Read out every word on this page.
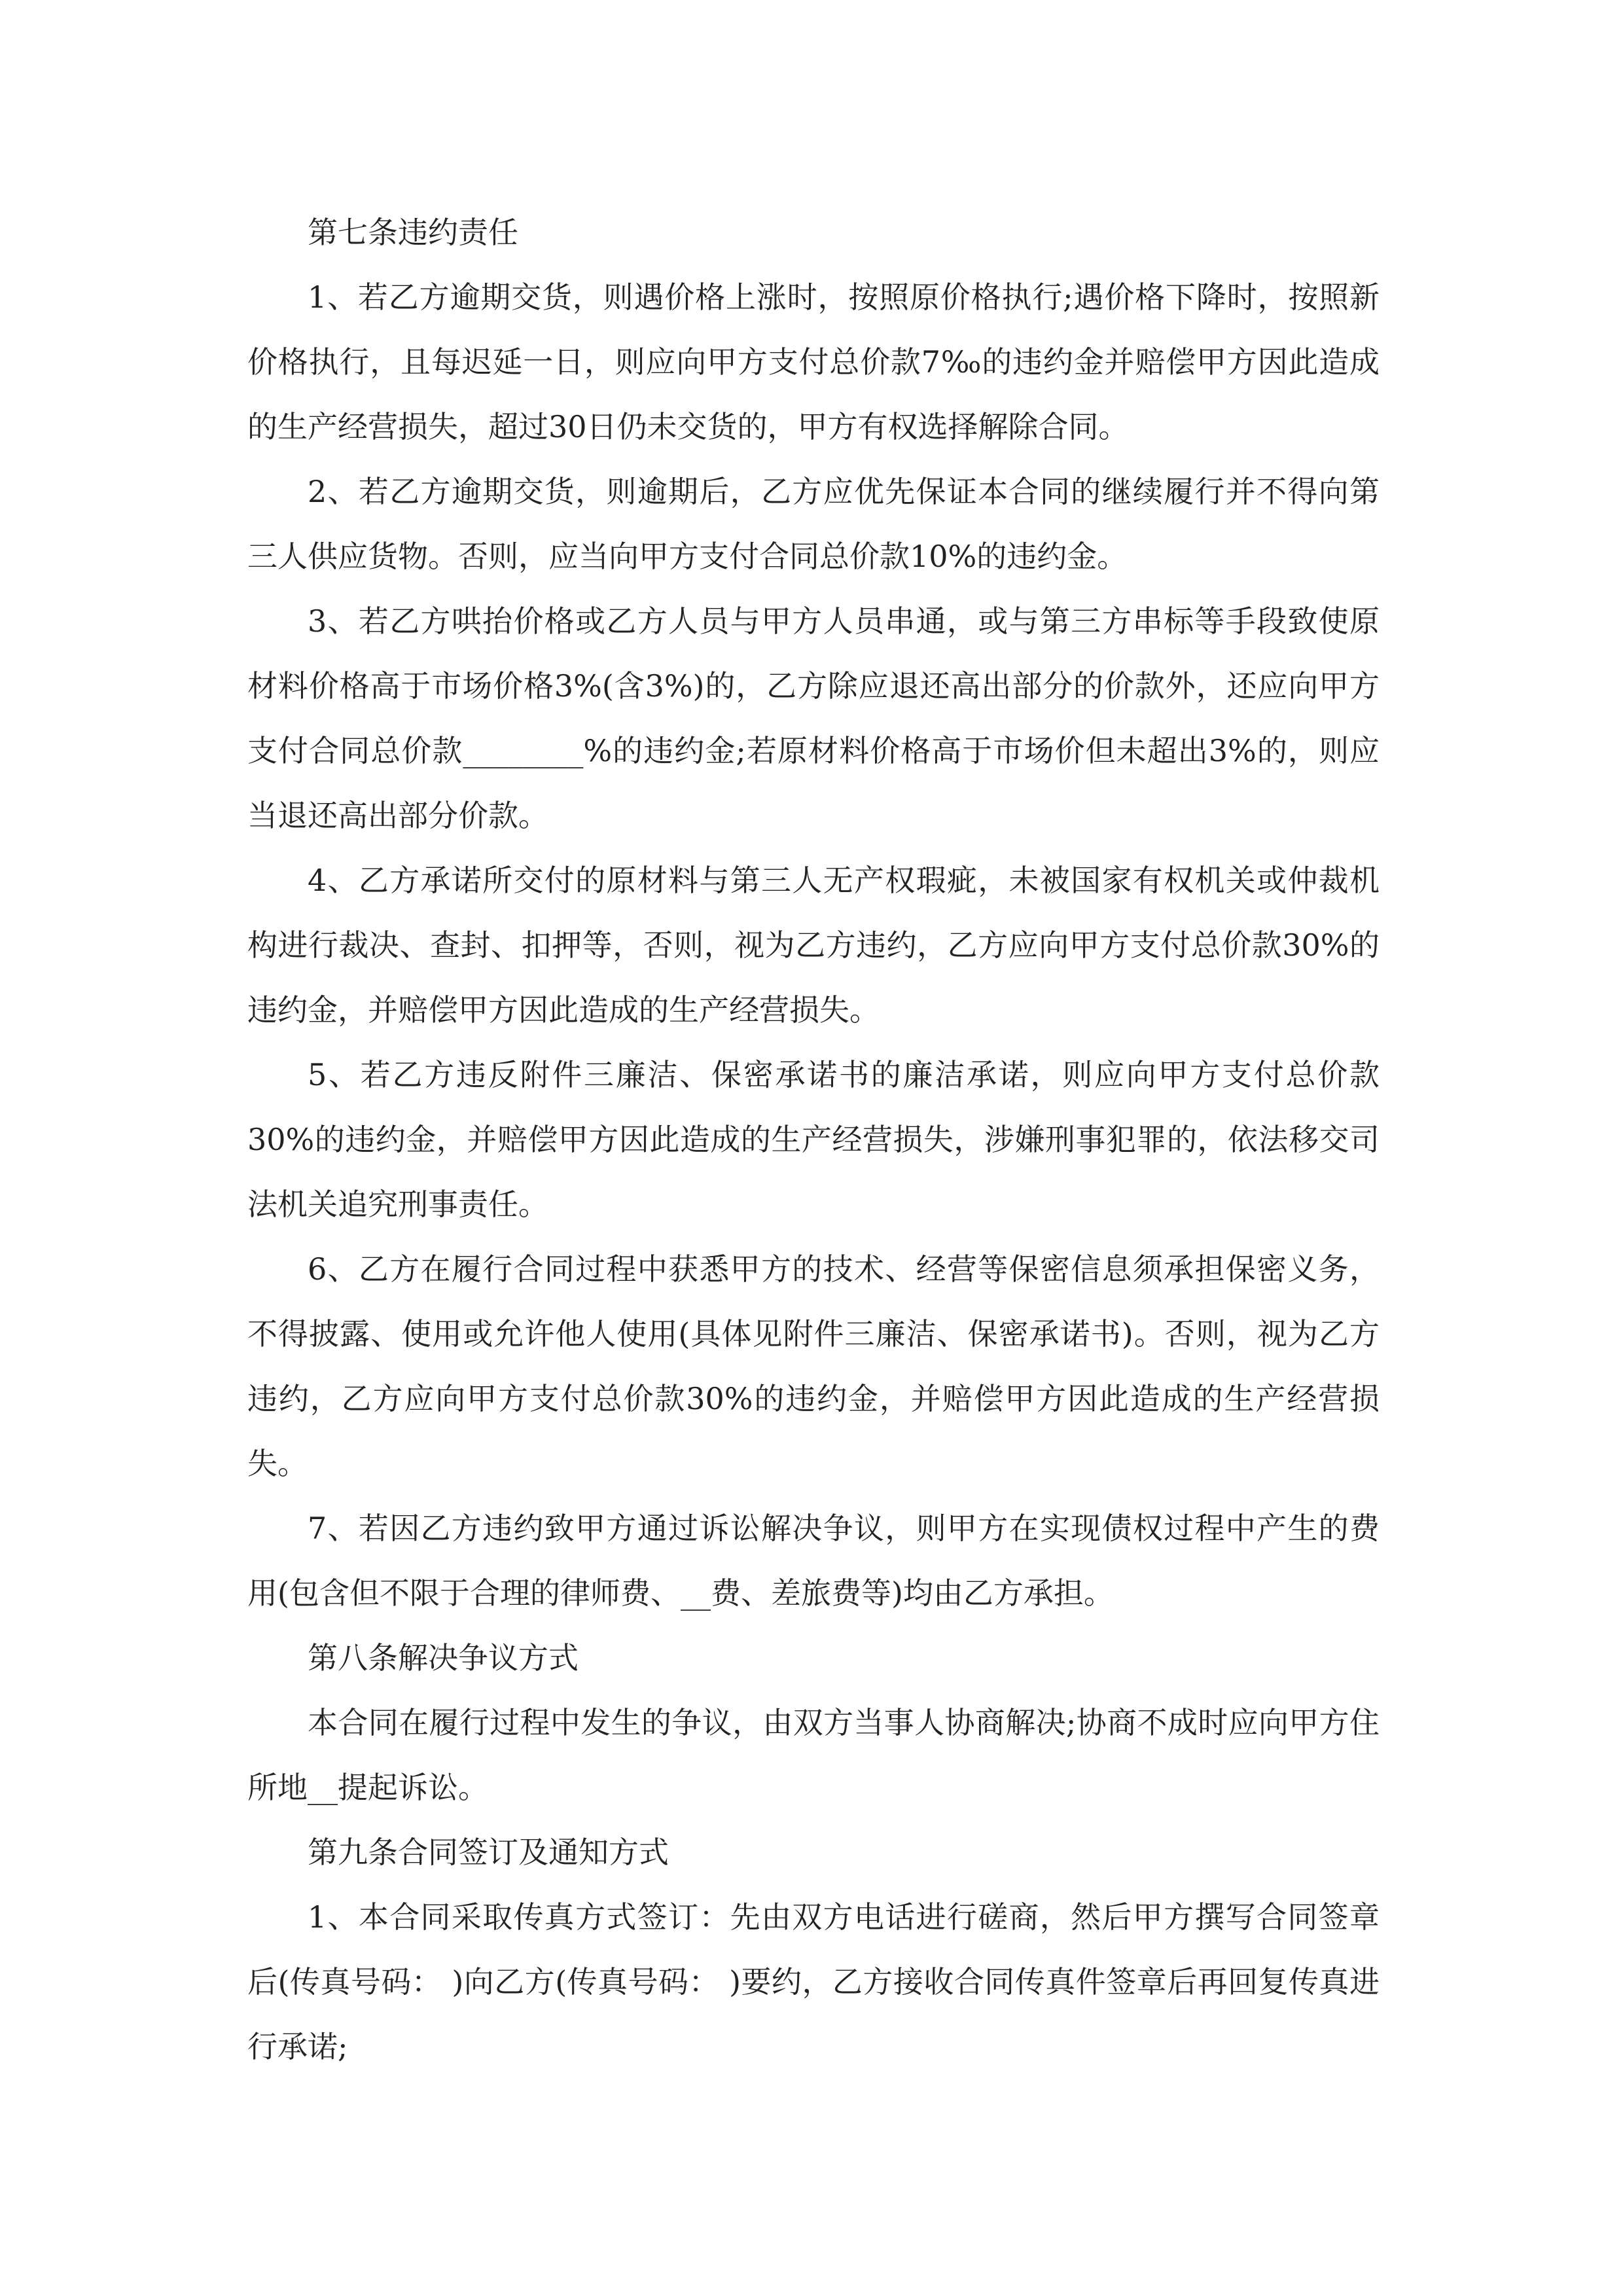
第七条违约责任

1、若乙方逾期交货，则遇价格上涨时，按照原价格执行;遇价格下降时，按照新价格执行，且每迟延一日，则应向甲方支付总价款7‰的违约金并赔偿甲方因此造成的生产经营损失，超过30日仍未交货的，甲方有权选择解除合同。

2、若乙方逾期交货，则逾期后，乙方应优先保证本合同的继续履行并不得向第三人供应货物。否则，应当向甲方支付合同总价款10%的违约金。

3、若乙方哄抬价格或乙方人员与甲方人员串通，或与第三方串标等手段致使原材料价格高于市场价格3%(含3%)的，乙方除应退还高出部分的价款外，还应向甲方支付合同总价款________%的违约金;若原材料价格高于市场价但未超出3%的，则应当退还高出部分价款。

4、乙方承诺所交付的原材料与第三人无产权瑕疵，未被国家有权机关或仲裁机构进行裁决、查封、扣押等，否则，视为乙方违约，乙方应向甲方支付总价款30%的违约金，并赔偿甲方因此造成的生产经营损失。

5、若乙方违反附件三廉洁、保密承诺书的廉洁承诺，则应向甲方支付总价款30%的违约金，并赔偿甲方因此造成的生产经营损失，涉嫌刑事犯罪的，依法移交司法机关追究刑事责任。

6、乙方在履行合同过程中获悉甲方的技术、经营等保密信息须承担保密义务，不得披露、使用或允许他人使用(具体见附件三廉洁、保密承诺书)。否则，视为乙方违约，乙方应向甲方支付总价款30%的违约金，并赔偿甲方因此造成的生产经营损失。

7、若因乙方违约致甲方通过诉讼解决争议，则甲方在实现债权过程中产生的费用(包含但不限于合理的律师费、__费、差旅费等)均由乙方承担。

第八条解决争议方式

本合同在履行过程中发生的争议，由双方当事人协商解决;协商不成时应向甲方住所地__提起诉讼。

第九条合同签订及通知方式

1、本合同采取传真方式签订：先由双方电话进行磋商，然后甲方撰写合同签章后(传真号码： )向乙方(传真号码： )要约，乙方接收合同传真件签章后再回复传真进行承诺;
